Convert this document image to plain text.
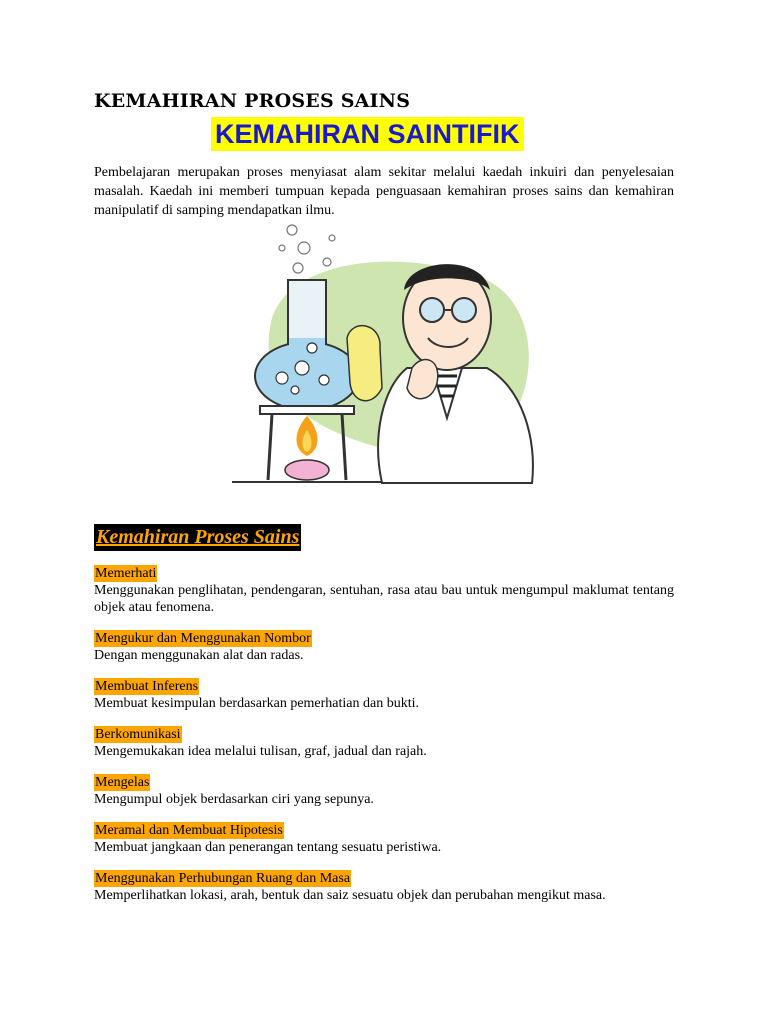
KEMAHIRAN PROSES SAINS
KEMAHIRAN SAINTIFIK

Pembelajaran merupakan proses menyiasat alam sekitar melalui kaedah inkuiri dan penyelesaian masalah. Kaedah ini memberi tumpuan kepada penguasaan kemahiran proses sains dan kemahiran manipulatif di samping mendapatkan ilmu.

Kemahiran Proses Sains
Memerhati
Menggunakan penglihatan, pendengaran, sentuhan, rasa atau bau untuk mengumpul maklumat tentang objek atau fenomena.
Mengukur dan Menggunakan Nombor
Dengan menggunakan alat dan radas.
Membuat Inferens
Membuat kesimpulan berdasarkan pemerhatian dan bukti.
Berkomunikasi
Mengemukakan idea melalui tulisan, graf, jadual dan rajah.
Mengelas
Mengumpul objek berdasarkan ciri yang sepunya.
Meramal dan Membuat Hipotesis
Membuat jangkaan dan penerangan tentang sesuatu peristiwa.
Menggunakan Perhubungan Ruang dan Masa
Memperlihatkan lokasi, arah, bentuk dan saiz sesuatu objek dan perubahan mengikut masa.
